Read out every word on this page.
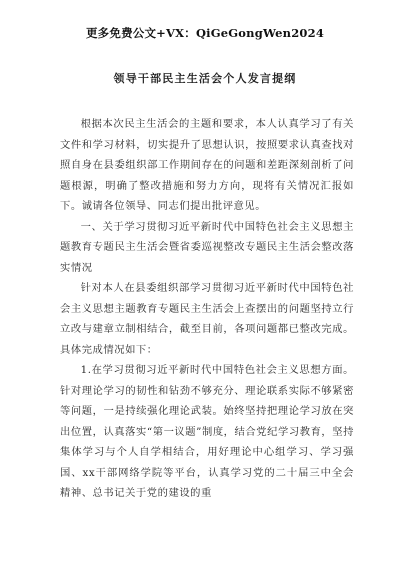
更多免费公文+VX：QiGeGongWen2024
领导干部民主生活会个人发言提纲

根据本次民主生活会的主题和要求，本人认真学习了有关文件和学习材料，切实提升了思想认识，按照要求认真查找对照自身在县委组织部工作期间存在的问题和差距深刻剖析了问题根源，明确了整改措施和努力方向，现将有关情况汇报如下。诚请各位领导、同志们提出批评意见。

一、关于学习贯彻习近平新时代中国特色社会主义思想主题教育专题民主生活会暨省委巡视整改专题民主生活会整改落实情况

针对本人在县委组织部学习贯彻习近平新时代中国特色社会主义思想主题教育专题民主生活会上查摆出的问题坚持立行立改与建章立制相结合，截至目前，各项问题都已整改完成。具体完成情况如下：

1.在学习贯彻习近平新时代中国特色社会主义思想方面。针对理论学习的韧性和钻劲不够充分、理论联系实际不够紧密等问题，一是持续强化理论武装。始终坚持把理论学习放在突出位置，认真落实“第一议题”制度，结合党纪学习教育，坚持集体学习与个人自学相结合，用好理论中心组学习、学习强国、xx干部网络学院等平台，认真学习党的二十届三中全会精神、总书记关于党的建设的重
